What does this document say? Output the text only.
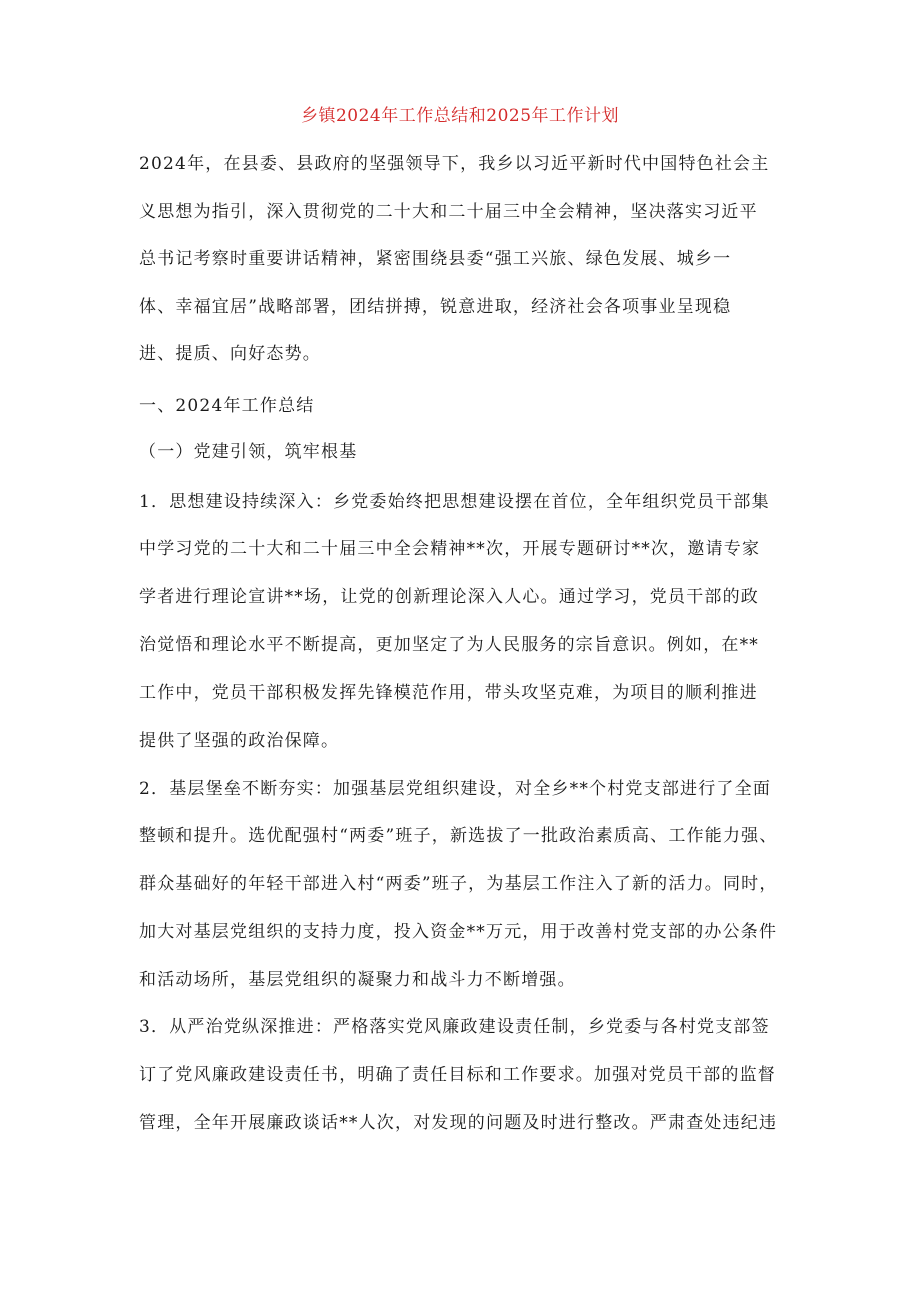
乡镇2024年工作总结和2025年工作计划
2024年，在县委、县政府的坚强领导下，我乡以习近平新时代中国特色社会主
义思想为指引，深入贯彻党的二十大和二十届三中全会精神，坚决落实习近平
总书记考察时重要讲话精神，紧密围绕县委“强工兴旅、绿色发展、城乡一
体、幸福宜居”战略部署，团结拼搏，锐意进取，经济社会各项事业呈现稳
进、提质、向好态势。
一、2024年工作总结
（一）党建引领，筑牢根基
1．思想建设持续深入：乡党委始终把思想建设摆在首位，全年组织党员干部集
中学习党的二十大和二十届三中全会精神**次，开展专题研讨**次，邀请专家
学者进行理论宣讲**场，让党的创新理论深入人心。通过学习，党员干部的政
治觉悟和理论水平不断提高，更加坚定了为人民服务的宗旨意识。例如，在**
工作中，党员干部积极发挥先锋模范作用，带头攻坚克难，为项目的顺利推进
提供了坚强的政治保障。
2．基层堡垒不断夯实：加强基层党组织建设，对全乡**个村党支部进行了全面
整顿和提升。选优配强村“两委”班子，新选拔了一批政治素质高、工作能力强、
群众基础好的年轻干部进入村“两委”班子，为基层工作注入了新的活力。同时，
加大对基层党组织的支持力度，投入资金**万元，用于改善村党支部的办公条件
和活动场所，基层党组织的凝聚力和战斗力不断增强。
3．从严治党纵深推进：严格落实党风廉政建设责任制，乡党委与各村党支部签
订了党风廉政建设责任书，明确了责任目标和工作要求。加强对党员干部的监督
管理，全年开展廉政谈话**人次，对发现的问题及时进行整改。严肃查处违纪违
